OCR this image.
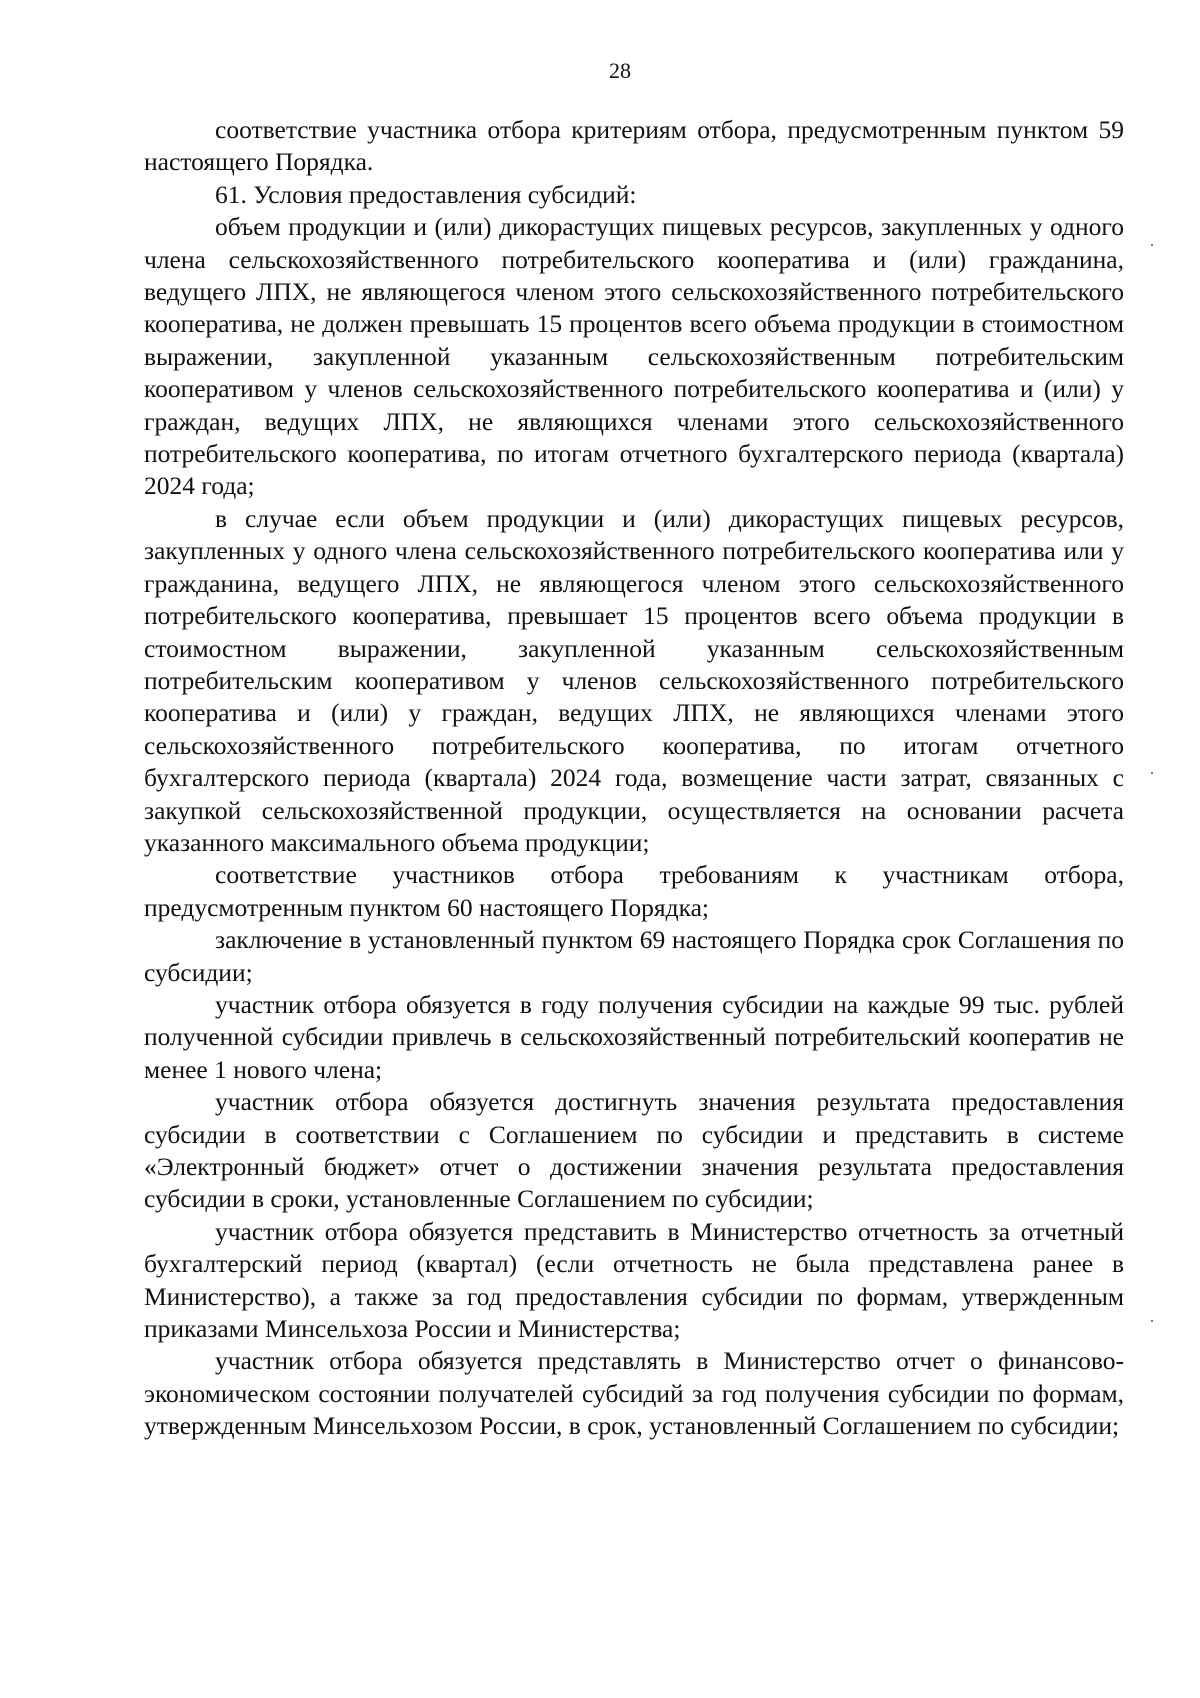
28

соответствие участника отбора критериям отбора, предусмотренным пунктом 59 настоящего Порядка.

61. Условия предоставления субсидий:

объем продукции и (или) дикорастущих пищевых ресурсов, закупленных у одного члена сельскохозяйственного потребительского кооператива и (или) гражданина, ведущего ЛПХ, не являющегося членом этого сельскохозяйственного потребительского кооператива, не должен превышать 15 процентов всего объема продукции в стоимостном выражении, закупленной указанным сельскохозяйственным потребительским кооперативом у членов сельскохозяйственного потребительского кооператива и (или) у граждан, ведущих ЛПХ, не являющихся членами этого сельскохозяйственного потребительского кооператива, по итогам отчетного бухгалтерского периода (квартала) 2024 года;

в случае если объем продукции и (или) дикорастущих пищевых ресурсов, закупленных у одного члена сельскохозяйственного потребительского кооператива или у гражданина, ведущего ЛПХ, не являющегося членом этого сельскохозяйственного потребительского кооператива, превышает 15 процентов всего объема продукции в стоимостном выражении, закупленной указанным сельскохозяйственным потребительским кооперативом у членов сельскохозяйственного потребительского кооператива и (или) у граждан, ведущих ЛПХ, не являющихся членами этого сельскохозяйственного потребительского кооператива, по итогам отчетного бухгалтерского периода (квартала) 2024 года, возмещение части затрат, связанных с закупкой сельскохозяйственной продукции, осуществляется на основании расчета указанного максимального объема продукции;

соответствие участников отбора требованиям к участникам отбора, предусмотренным пунктом 60 настоящего Порядка;

заключение в установленный пунктом 69 настоящего Порядка срок Соглашения по субсидии;

участник отбора обязуется в году получения субсидии на каждые 99 тыс. рублей полученной субсидии привлечь в сельскохозяйственный потребительский кооператив не менее 1 нового члена;

участник отбора обязуется достигнуть значения результата предоставления субсидии в соответствии с Соглашением по субсидии и представить в системе «Электронный бюджет» отчет о достижении значения результата предоставления субсидии в сроки, установленные Соглашением по субсидии;

участник отбора обязуется представить в Министерство отчетность за отчетный бухгалтерский период (квартал) (если отчетность не была представлена ранее в Министерство), а также за год предоставления субсидии по формам, утвержденным приказами Минсельхоза России и Министерства;

участник отбора обязуется представлять в Министерство отчет о финансово-экономическом состоянии получателей субсидий за год получения субсидии по формам, утвержденным Минсельхозом России, в срок, установленный Соглашением по субсидии;
